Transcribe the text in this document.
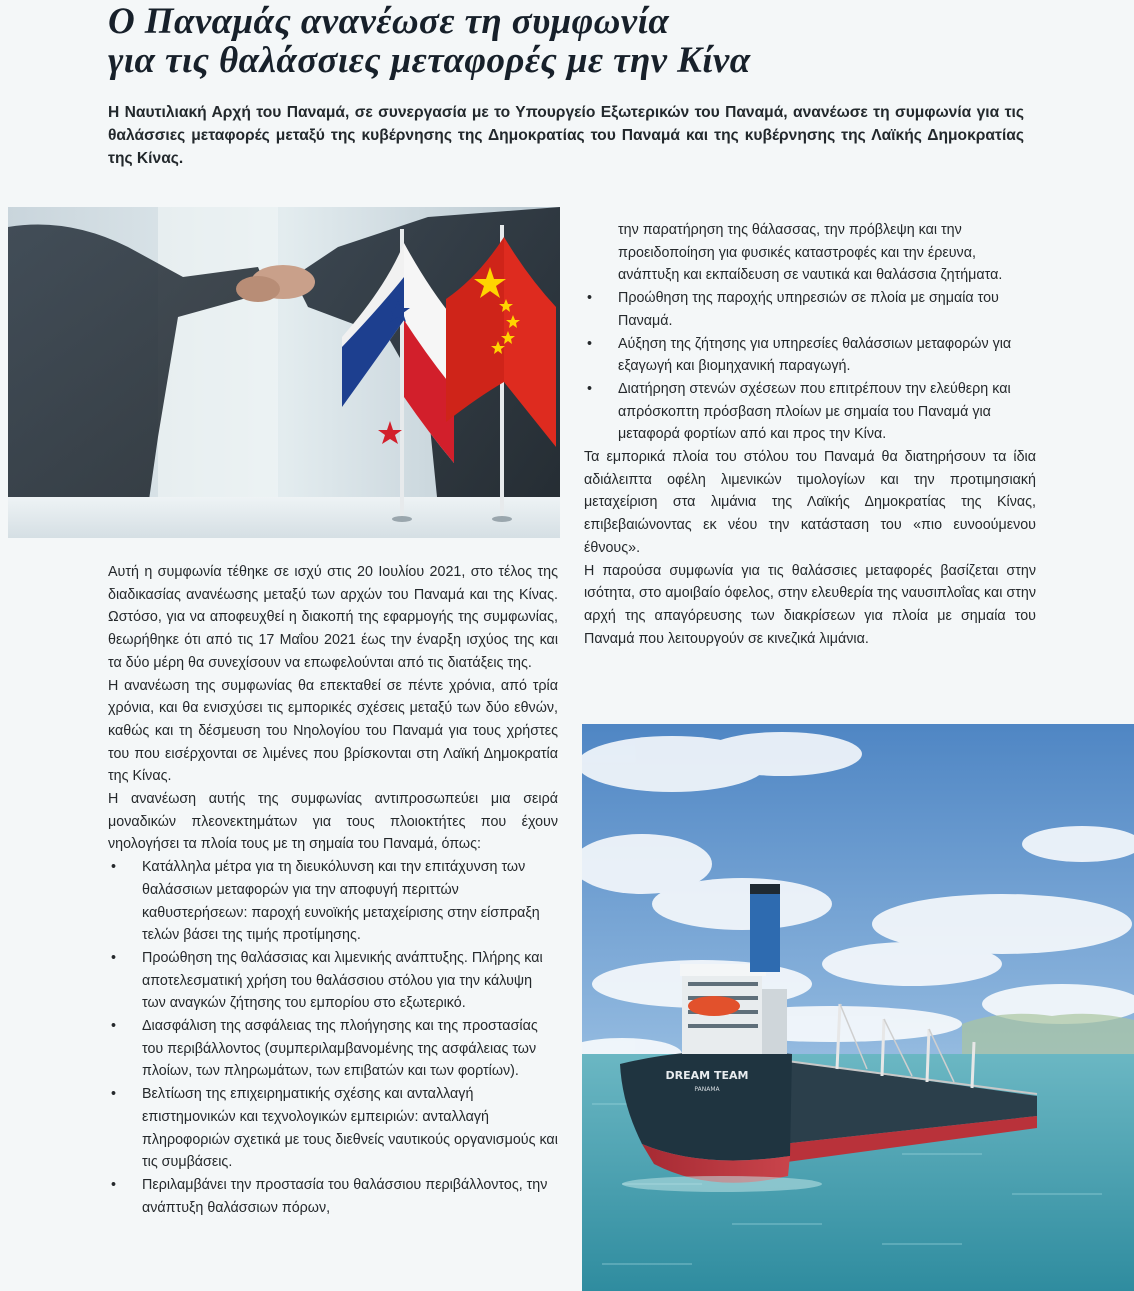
Ο Παναμάς ανανέωσε τη συμφωνία
για τις θαλάσσιες μεταφορές με την Κίνα

Η Ναυτιλιακή Αρχή του Παναμά, σε συνεργασία με το Υπουργείο Εξωτερικών του Παναμά, ανανέωσε τη συμφωνία για τις θαλάσσιες μεταφορές μεταξύ της κυβέρνησης της Δημοκρατίας του Παναμά και της κυβέρνησης της Λαϊκής Δημοκρατίας της Κίνας.

Αυτή η συμφωνία τέθηκε σε ισχύ στις 20 Ιουλίου 2021, στο τέλος της διαδικασίας ανανέωσης μεταξύ των αρχών του Παναμά και της Κίνας. Ωστόσο, για να αποφευχθεί η διακοπή της εφαρμογής της συμφωνίας, θεωρήθηκε ότι από τις 17 Μαΐου 2021 έως την έναρξη ισχύος της και τα δύο μέρη θα συνεχίσουν να επωφελούνται από τις διατάξεις της.

Η ανανέωση της συμφωνίας θα επεκταθεί σε πέντε χρόνια, από τρία χρόνια, και θα ενισχύσει τις εμπορικές σχέσεις μεταξύ των δύο εθνών, καθώς και τη δέσμευση του Νηολογίου του Παναμά για τους χρήστες του που εισέρχονται σε λιμένες που βρίσκονται στη Λαϊκή Δημοκρατία της Κίνας.

Η ανανέωση αυτής της συμφωνίας αντιπροσωπεύει μια σειρά μοναδικών πλεονεκτημάτων για τους πλοιοκτήτες που έχουν νηολογήσει τα πλοία τους με τη σημαία του Παναμά, όπως:

• Κατάλληλα μέτρα για τη διευκόλυνση και την επιτάχυνση των θαλάσσιων μεταφορών για την αποφυγή περιττών καθυστερήσεων: παροχή ευνοϊκής μεταχείρισης στην είσπραξη τελών βάσει της τιμής προτίμησης.
• Προώθηση της θαλάσσιας και λιμενικής ανάπτυξης. Πλήρης και αποτελεσματική χρήση του θαλάσσιου στόλου για την κάλυψη των αναγκών ζήτησης του εμπορίου στο εξωτερικό.
• Διασφάλιση της ασφάλειας της πλοήγησης και της προστασίας του περιβάλλοντος (συμπεριλαμβανομένης της ασφάλειας των πλοίων, των πληρωμάτων, των επιβατών και των φορτίων).
• Βελτίωση της επιχειρηματικής σχέσης και ανταλλαγή επιστημονικών και τεχνολογικών εμπειριών: ανταλλαγή πληροφοριών σχετικά με τους διεθνείς ναυτικούς οργανισμούς και τις συμβάσεις.
• Περιλαμβάνει την προστασία του θαλάσσιου περιβάλλοντος, την ανάπτυξη θαλάσσιων πόρων,
την παρατήρηση της θάλασσας, την πρόβλεψη και την προειδοποίηση για φυσικές καταστροφές και την έρευνα, ανάπτυξη και εκπαίδευση σε ναυτικά και θαλάσσια ζητήματα.
• Προώθηση της παροχής υπηρεσιών σε πλοία με σημαία του Παναμά.
• Αύξηση της ζήτησης για υπηρεσίες θαλάσσιων μεταφορών για εξαγωγή και βιομηχανική παραγωγή.
• Διατήρηση στενών σχέσεων που επιτρέπουν την ελεύθερη και απρόσκοπτη πρόσβαση πλοίων με σημαία του Παναμά για μεταφορά φορτίων από και προς την Κίνα.

Τα εμπορικά πλοία του στόλου του Παναμά θα διατηρήσουν τα ίδια αδιάλειπτα οφέλη λιμενικών τιμολογίων και την προτιμησιακή μεταχείριση στα λιμάνια της Λαϊκής Δημοκρατίας της Κίνας, επιβεβαιώνοντας εκ νέου την κατάσταση του «πιο ευνοούμενου έθνους».

Η παρούσα συμφωνία για τις θαλάσσιες μεταφορές βασίζεται στην ισότητα, στο αμοιβαίο όφελος, στην ελευθερία της ναυσιπλοΐας και στην αρχή της απαγόρευσης των διακρίσεων για πλοία με σημαία του Παναμά που λειτουργούν σε κινεζικά λιμάνια.

DREAM TEAM
PANAMA
